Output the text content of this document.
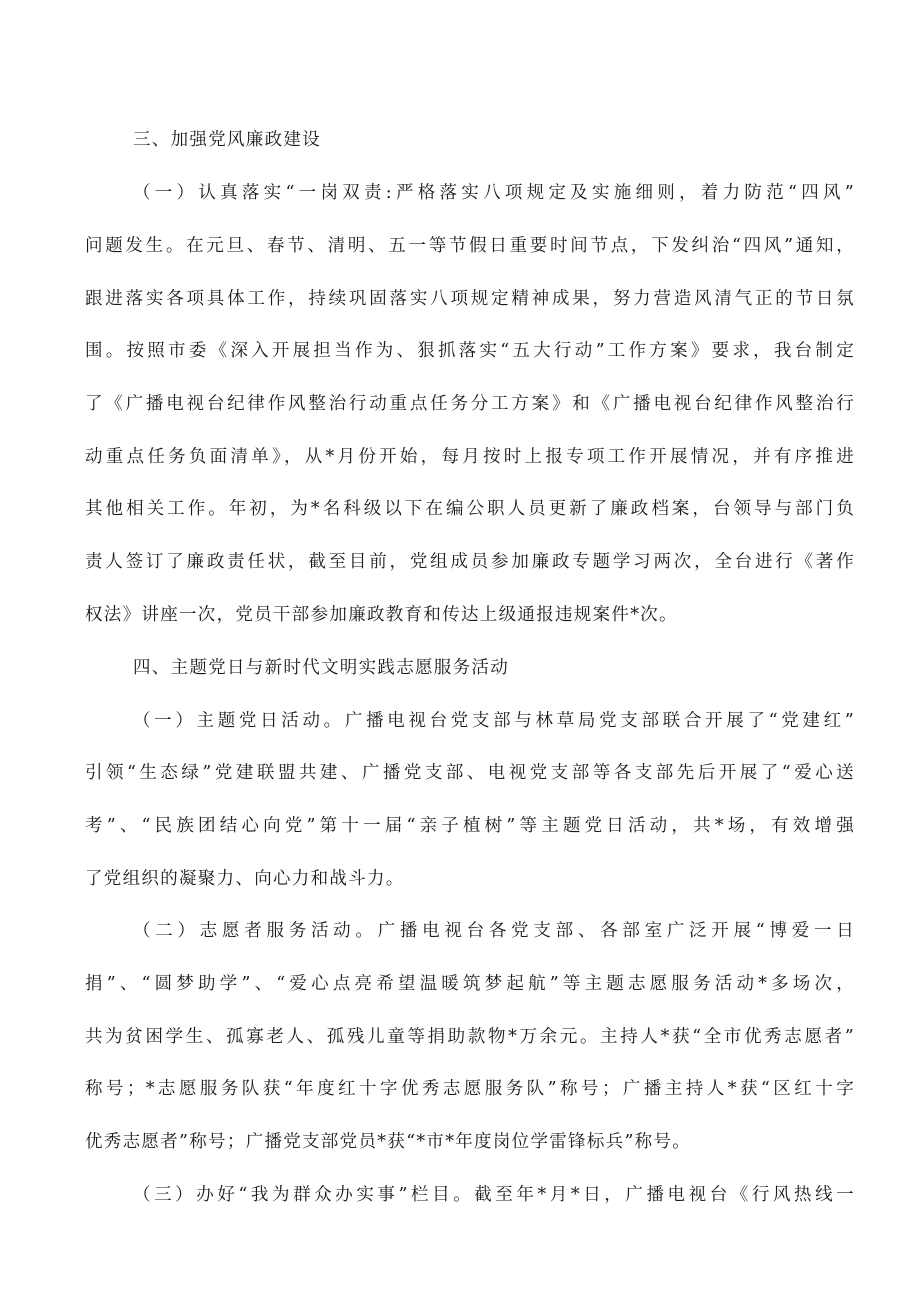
三、加强党风廉政建设
（一）认真落实“一岗双责:严格落实八项规定及实施细则，着力防范“四风”
问题发生。在元旦、春节、清明、五一等节假日重要时间节点，下发纠治“四风”通知，
跟进落实各项具体工作，持续巩固落实八项规定精神成果，努力营造风清气正的节日氛
围。按照市委《深入开展担当作为、狠抓落实“五大行动”工作方案》要求，我台制定
了《广播电视台纪律作风整治行动重点任务分工方案》和《广播电视台纪律作风整治行
动重点任务负面清单》，从*月份开始，每月按时上报专项工作开展情况，并有序推进
其他相关工作。年初，为*名科级以下在编公职人员更新了廉政档案，台领导与部门负
责人签订了廉政责任状，截至目前，党组成员参加廉政专题学习两次，全台进行《著作
权法》讲座一次，党员干部参加廉政教育和传达上级通报违规案件*次。
四、主题党日与新时代文明实践志愿服务活动
（一）主题党日活动。广播电视台党支部与林草局党支部联合开展了“党建红”
引领“生态绿”党建联盟共建、广播党支部、电视党支部等各支部先后开展了“爱心送
考”、“民族团结心向党”第十一届“亲子植树”等主题党日活动，共*场，有效增强
了党组织的凝聚力、向心力和战斗力。
（二）志愿者服务活动。广播电视台各党支部、各部室广泛开展“博爱一日
捐”、“圆梦助学”、“爱心点亮希望温暖筑梦起航”等主题志愿服务活动*多场次，
共为贫困学生、孤寡老人、孤残儿童等捐助款物*万余元。主持人*获“全市优秀志愿者”
称号；*志愿服务队获“年度红十字优秀志愿服务队”称号；广播主持人*获“区红十字
优秀志愿者”称号；广播党支部党员*获“*市*年度岗位学雷锋标兵”称号。
（三）办好“我为群众办实事”栏目。截至年*月*日，广播电视台《行风热线一
